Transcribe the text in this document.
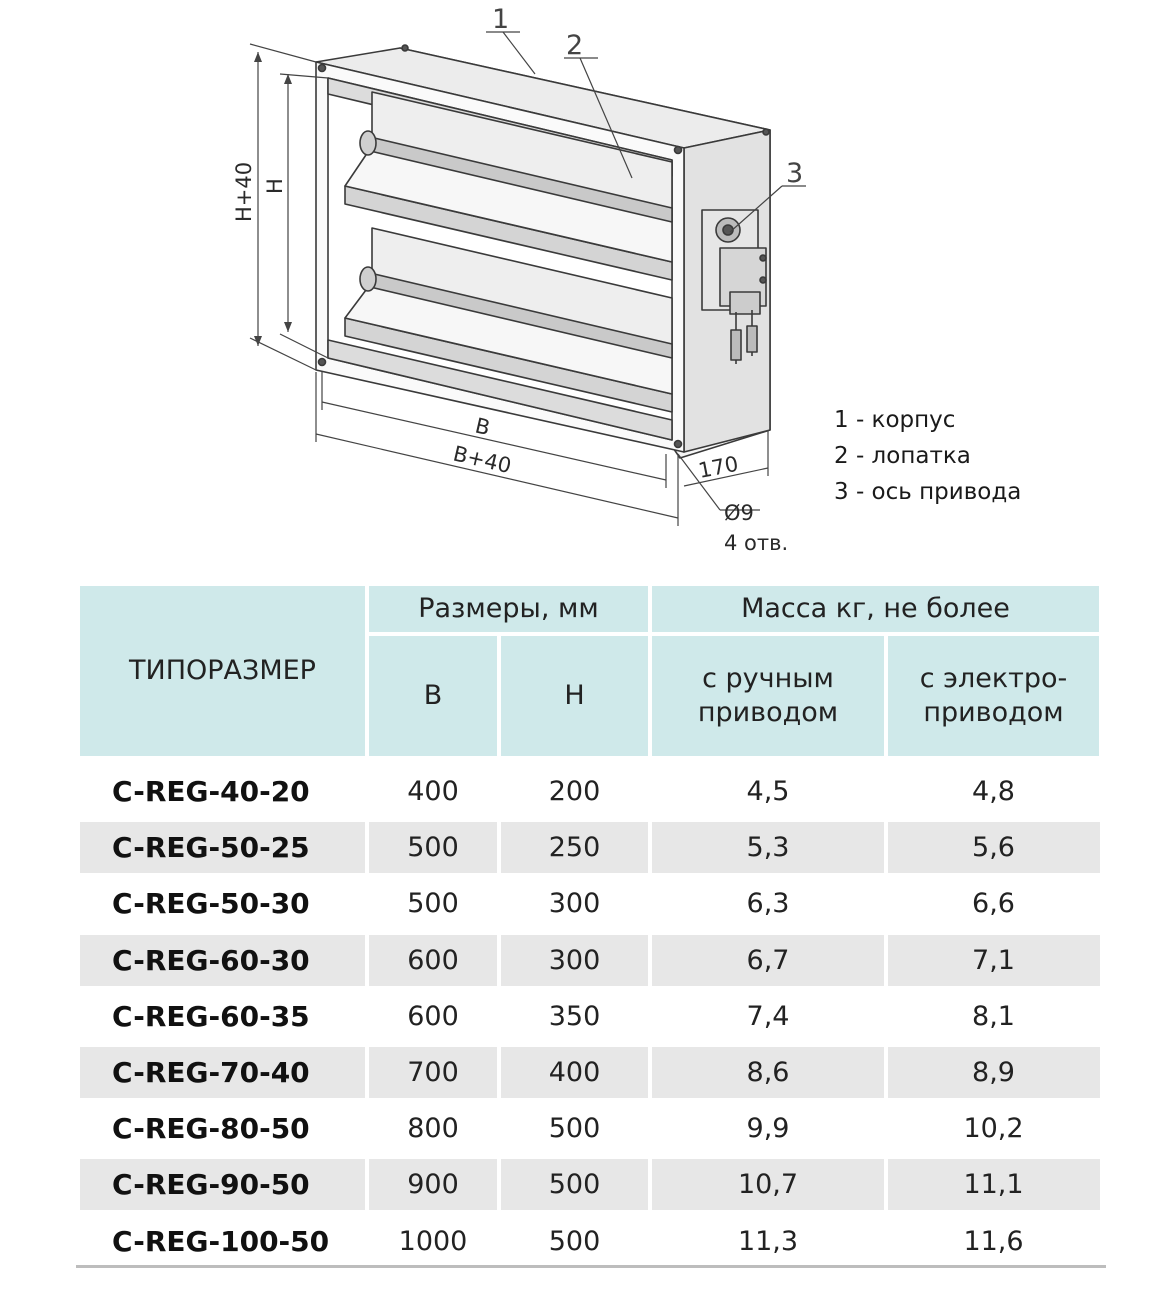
1
2
3
H+40 H
B
B+40	170
Ø9
4 отв.
1 - корпус
2 - лопатка
3 - ось привода
ТИПОРАЗМЕР
Размеры, мм	Масса кг, не более
B	H
с ручным приводом
с электро-
приводом
C-REG-40-20	400	200	4,5	4,8
C-REG-50-25	500	250	5,3	5,6
C-REG-50-30	500	300	6,3	6,6
C-REG-60-30	600	300	6,7	7,1
C-REG-60-35	600	350	7,4	8,1
C-REG-70-40	700	400	8,6	8,9
C-REG-80-50	800	500	9,9	10,2
C-REG-90-50	900	500	10,7	11,1
C-REG-100-50	1000	500	11,3	11,6
